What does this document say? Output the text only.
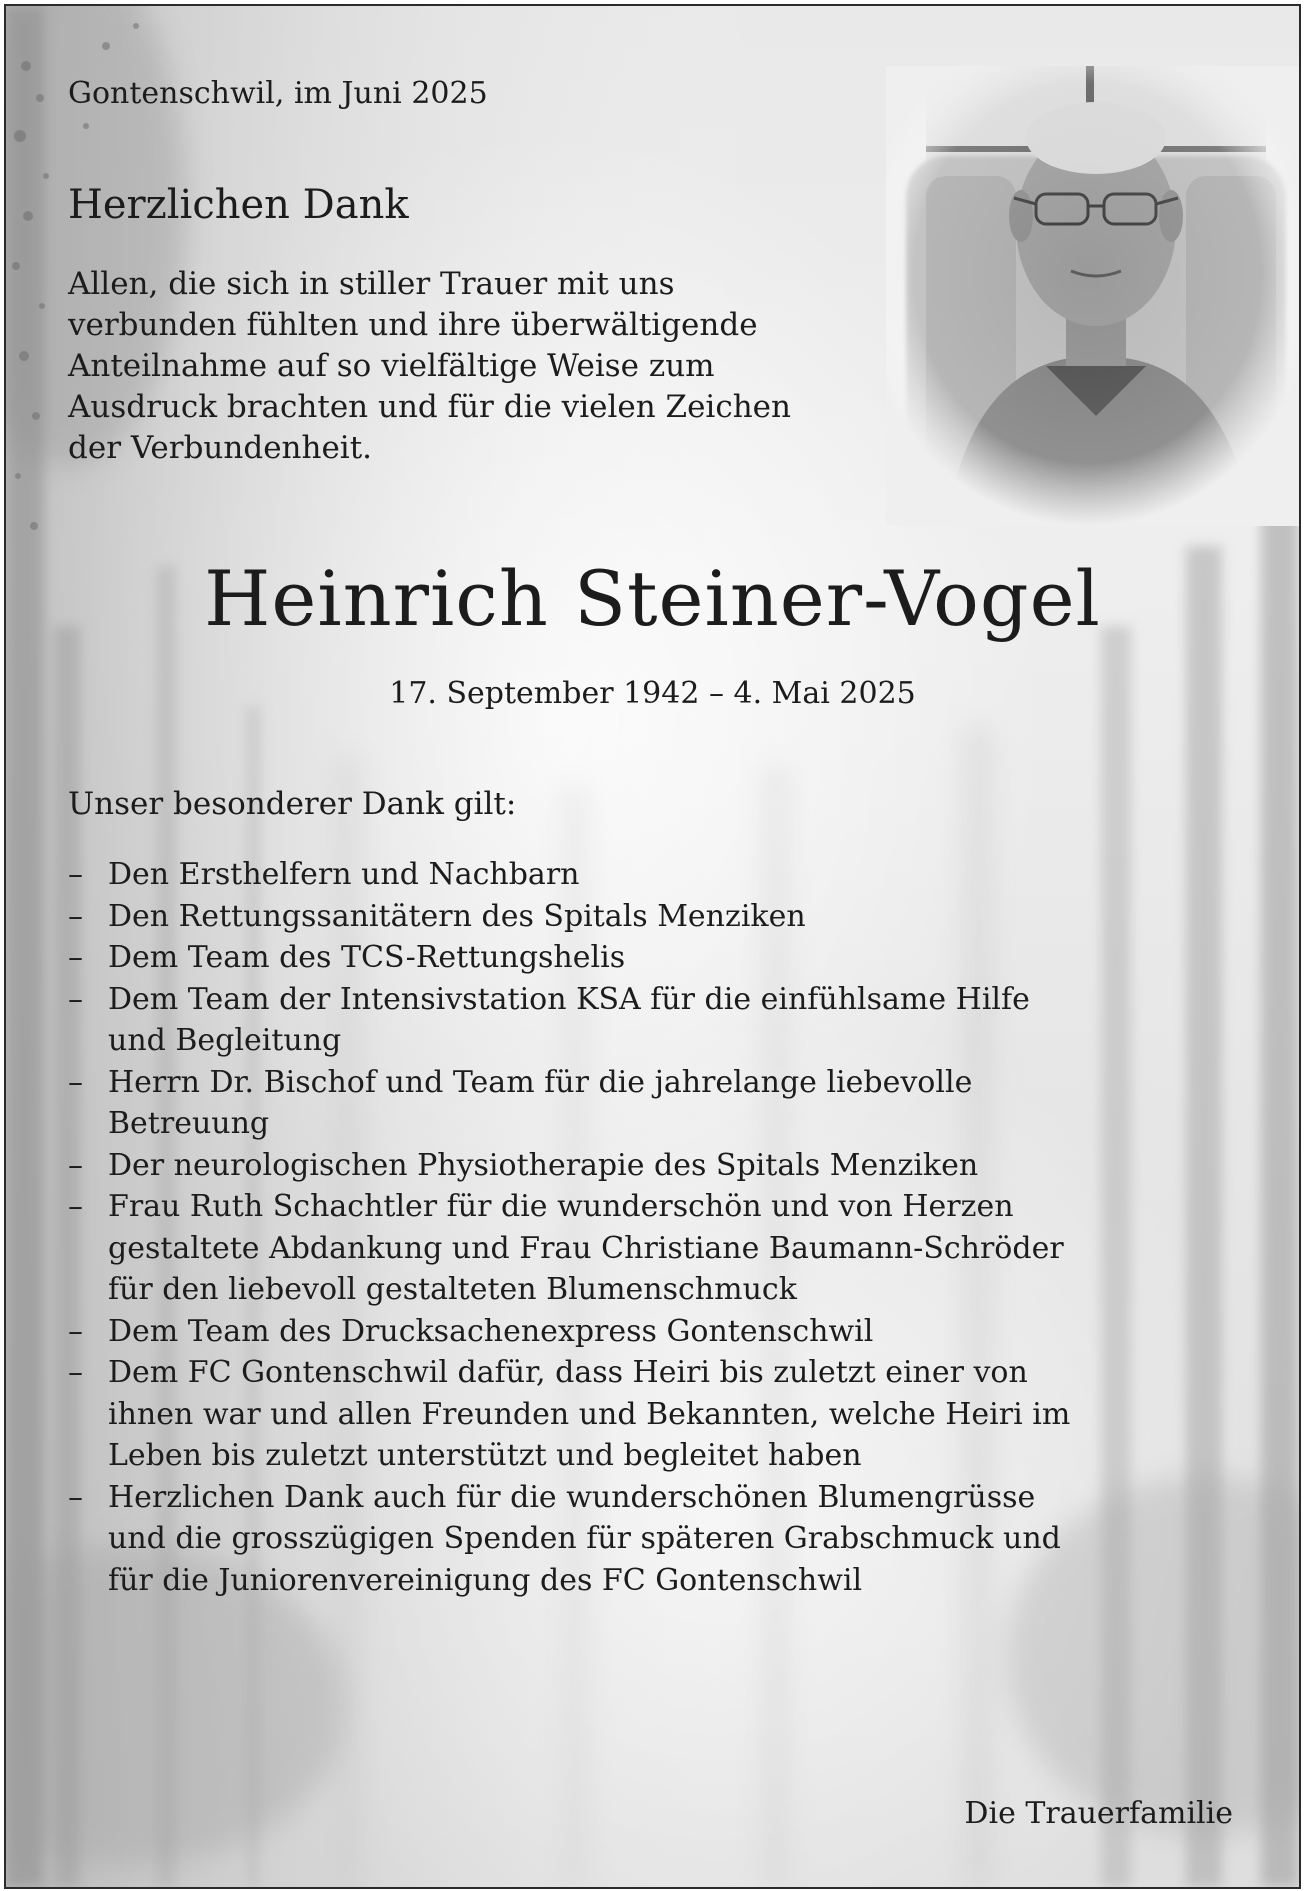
Gontenschwil, im Juni 2025
Herzlichen Dank
Allen, die sich in stiller Trauer mit uns
verbunden fühlten und ihre überwältigende
Anteilnahme auf so vielfältige Weise zum
Ausdruck brachten und für die vielen Zeichen
der Verbundenheit.
Heinrich Steiner-Vogel
17. September 1942 – 4. Mai 2025
Unser besonderer Dank gilt:
– Den Ersthelfern und Nachbarn
– Den Rettungssanitätern des Spitals Menziken
– Dem Team des TCS-Rettungshelis
– Dem Team der Intensivstation KSA für die einfühlsame Hilfe
und Begleitung
– Herrn Dr. Bischof und Team für die jahrelange liebevolle
Betreuung
– Der neurologischen Physiotherapie des Spitals Menziken
– Frau Ruth Schachtler für die wunderschön und von Herzen
gestaltete Abdankung und Frau Christiane Baumann-Schröder
für den liebevoll gestalteten Blumenschmuck
– Dem Team des Drucksachenexpress Gontenschwil
– Dem FC Gontenschwil dafür, dass Heiri bis zuletzt einer von
ihnen war und allen Freunden und Bekannten, welche Heiri im
Leben bis zuletzt unterstützt und begleitet haben
– Herzlichen Dank auch für die wunderschönen Blumengrüsse
und die grosszügigen Spenden für späteren Grabschmuck und
für die Juniorenvereinigung des FC Gontenschwil
Die Trauerfamilie
